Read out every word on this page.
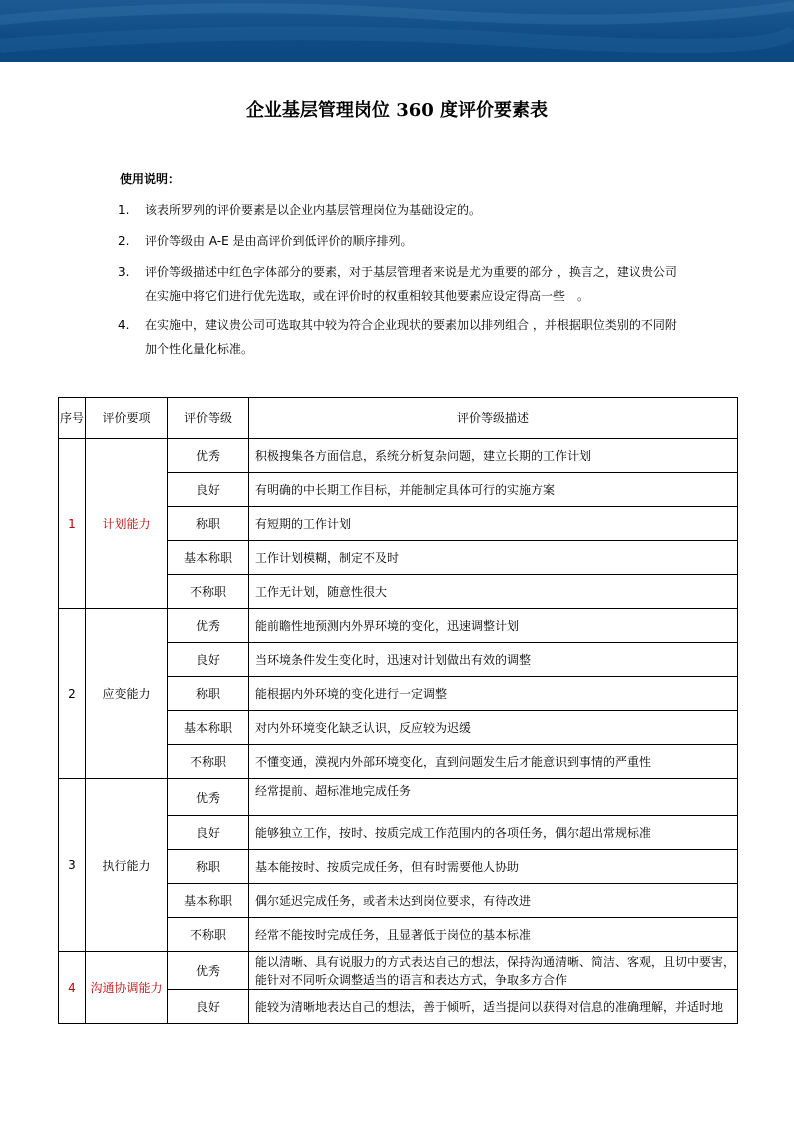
企业基层管理岗位 360 度评价要素表
使用说明：
1.	该表所罗列的评价要素是以企业内基层管理岗位为基础设定的。
2.	评价等级由 A-E 是由高评价到低评价的顺序排列。
3.	评价等级描述中红色字体部分的要素，对于基层管理者来说是尤为重要的部分 ，换言之，建议贵公司在实施中将它们进行优先选取，或在评价时的权重相较其他要素应设定得高一些　。
4.	在实施中，建议贵公司可选取其中较为符合企业现状的要素加以排列组合 ，并根据职位类别的不同附加个性化量化标准。
序号	评价要项	评价等级	评价等级描述
1	计划能力	优秀	积极搜集各方面信息，系统分析复杂问题，建立长期的工作计划
		良好	有明确的中长期工作目标，并能制定具体可行的实施方案
		称职	有短期的工作计划
		基本称职	工作计划模糊，制定不及时
		不称职	工作无计划，随意性很大
2	应变能力	优秀	能前瞻性地预测内外界环境的变化，迅速调整计划
		良好	当环境条件发生变化时，迅速对计划做出有效的调整
		称职	能根据内外环境的变化进行一定调整
		基本称职	对内外环境变化缺乏认识，反应较为迟缓
		不称职	不懂变通，漠视内外部环境变化，直到问题发生后才能意识到事情的严重性
3	执行能力	优秀	经常提前、超标准地完成任务
		良好	能够独立工作，按时、按质完成工作范围内的各项任务，偶尔超出常规标准
		称职	基本能按时、按质完成任务，但有时需要他人协助
		基本称职	偶尔延迟完成任务，或者未达到岗位要求，有待改进
		不称职	经常不能按时完成任务，且显著低于岗位的基本标准
4	沟通协调能力	优秀	能以清晰、具有说服力的方式表达自己的想法，保持沟通清晰、简洁、客观，且切中要害，能针对不同听众调整适当的语言和表达方式，争取多方合作
		良好	能较为清晰地表达自己的想法，善于倾听，适当提问以获得对信息的准确理解，并适时地
